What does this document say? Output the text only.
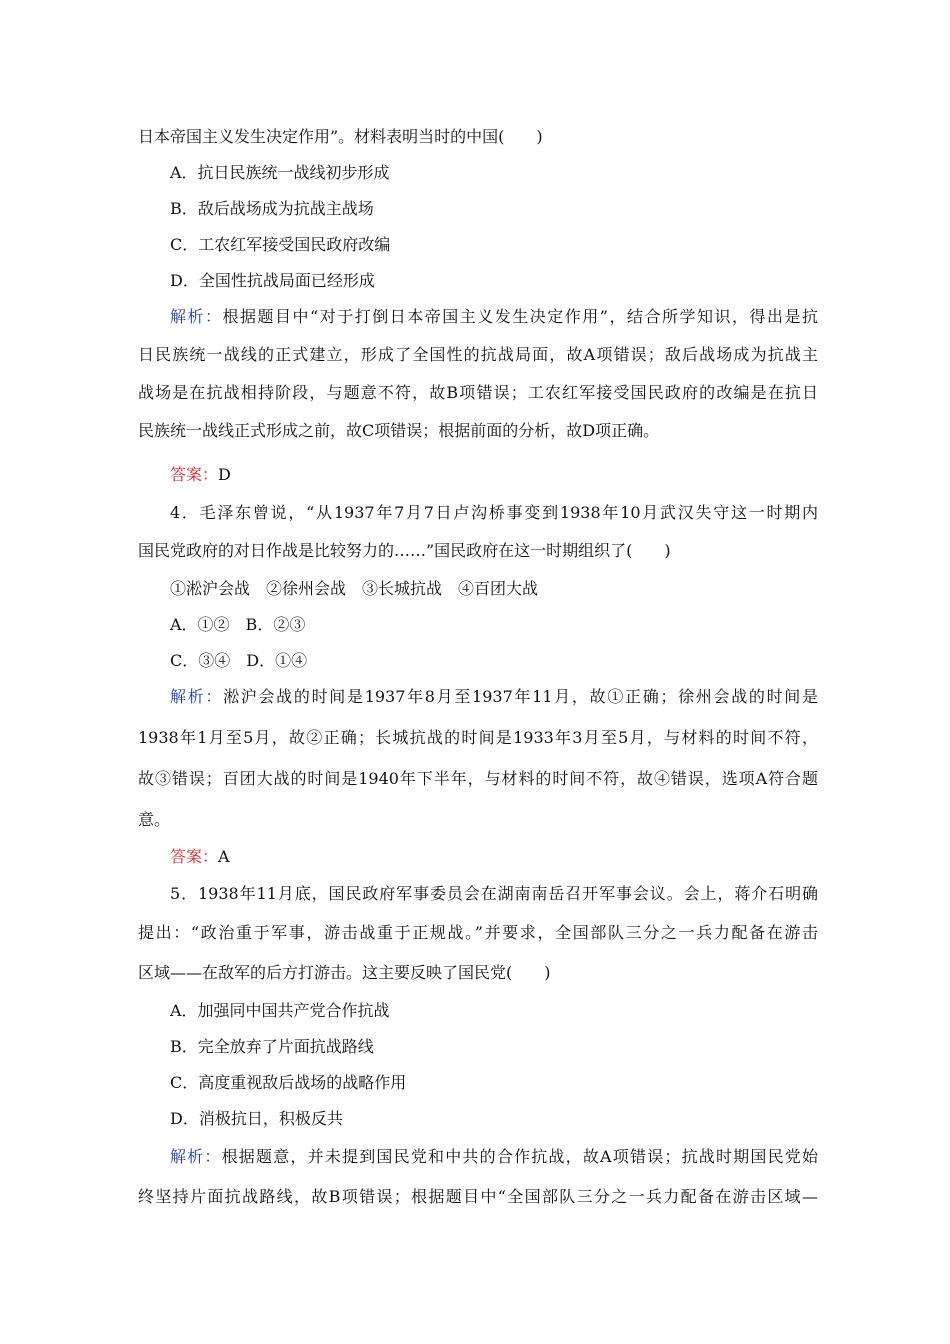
日本帝国主义发生决定作用”。材料表明当时的中国(　　)
A．抗日民族统一战线初步形成
B．敌后战场成为抗战主战场
C．工农红军接受国民政府改编
D．全国性抗战局面已经形成
解析：根据题目中“对于打倒日本帝国主义发生决定作用”，结合所学知识，得出是抗
日民族统一战线的正式建立，形成了全国性的抗战局面，故A项错误；敌后战场成为抗战主
战场是在抗战相持阶段，与题意不符，故B项错误；工农红军接受国民政府的改编是在抗日
民族统一战线正式形成之前，故C项错误；根据前面的分析，故D项正确。
答案：D
4．毛泽东曾说，“从1937年7月7日卢沟桥事变到1938年10月武汉失守这一时期内
国民党政府的对日作战是比较努力的……”国民政府在这一时期组织了(　　)
①淞沪会战　②徐州会战　③长城抗战　④百团大战
A．①②　B．②③
C．③④　D．①④
解析：淞沪会战的时间是1937年8月至1937年11月，故①正确；徐州会战的时间是
1938年1月至5月，故②正确；长城抗战的时间是1933年3月至5月，与材料的时间不符，
故③错误；百团大战的时间是1940年下半年，与材料的时间不符，故④错误，选项A符合题
意。
答案：A
5．1938年11月底，国民政府军事委员会在湖南南岳召开军事会议。会上，蒋介石明确
提出：“政治重于军事，游击战重于正规战。”并要求，全国部队三分之一兵力配备在游击
区域——在敌军的后方打游击。这主要反映了国民党(　　)
A．加强同中国共产党合作抗战
B．完全放弃了片面抗战路线
C．高度重视敌后战场的战略作用
D．消极抗日，积极反共
解析：根据题意，并未提到国民党和中共的合作抗战，故A项错误；抗战时期国民党始
终坚持片面抗战路线，故B项错误；根据题目中“全国部队三分之一兵力配备在游击区域—
